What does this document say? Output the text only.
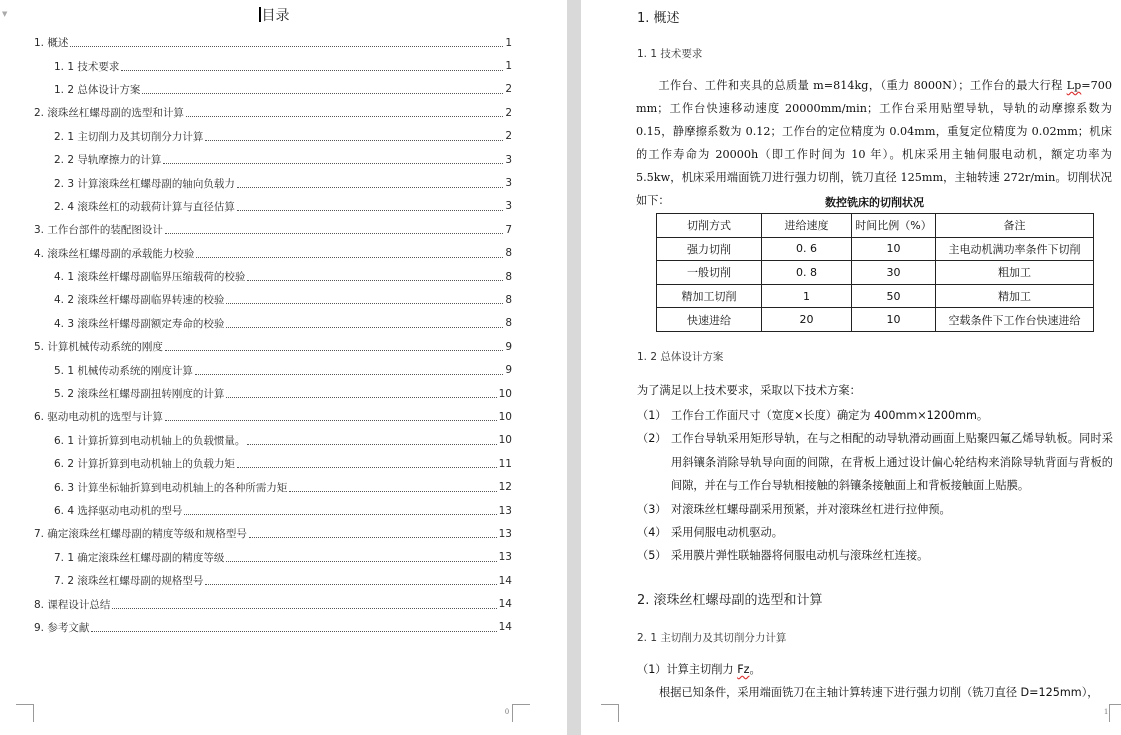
▼	目录
1. 概述	1
1. 1 技术要求	1
1. 2 总体设计方案	2
2. 滚珠丝杠螺母副的选型和计算	2
2. 1 主切削力及其切削分力计算	2
2. 2 导轨摩擦力的计算	3
2. 3 计算滚珠丝杠螺母副的轴向负载力	3
2. 4 滚珠丝杠的动载荷计算与直径估算	3
3. 工作台部件的装配图设计	7
4. 滚珠丝杠螺母副的承载能力校验	8
4. 1 滚珠丝杆螺母副临界压缩载荷的校验	8
4. 2 滚珠丝杆螺母副临界转速的校验	8
4. 3 滚珠丝杆螺母副额定寿命的校验	8
5. 计算机械传动系统的刚度	9
5. 1 机械传动系统的刚度计算	9
5. 2 滚珠丝杠螺母副扭转刚度的计算	10
6. 驱动电动机的选型与计算	10
6. 1 计算折算到电动机轴上的负载惯量。	10
6. 2 计算折算到电动机轴上的负载力矩	11
6. 3 计算坐标轴折算到电动机轴上的各种所需力矩	12
6. 4 选择驱动电动机的型号	13
7. 确定滚珠丝杠螺母副的精度等级和规格型号	13
7. 1 确定滚珠丝杠螺母副的精度等级	13
7. 2 滚珠丝杠螺母副的规格型号	14
8. 课程设计总结	14
9. 参考文献	14
0
1. 概述
1. 1 技术要求
工作台、工件和夹具的总质量 m=814kg，（重力 8000N）；工作台的最大行程 Lp=700 mm；工作台快速移动速度 20000mm/min；工作台采用贴塑导轨，导轨的动摩擦系数为 0.15，静摩擦系数为 0.12；工作台的定位精度为 0.04mm，重复定位精度为 0.02mm；机床的工作寿命为 20000h（即工作时间为 10 年）。机床采用主轴伺服电动机，额定功率为 5.5kw，机床采用端面铣刀进行强力切削，铣刀直径 125mm，主轴转速 272r/min。切削状况如下：	数控铣床的切削状况
切削方式	进给速度	时间比例（%）	备注
强力切削	0. 6	10	主电动机满功率条件下切削
一般切削	0. 8	30	粗加工
精加工切削	1	50	精加工
快速进给	20	10	空载条件下工作台快速进给
1. 2 总体设计方案
为了满足以上技术要求，采取以下技术方案：
（1） 工作台工作面尺寸（宽度×长度）确定为 400mm×1200mm。
（2） 工作台导轨采用矩形导轨，在与之相配的动导轨滑动画面上贴聚四氟乙烯导轨板。同时采用斜镶条消除导轨导向面的间隙，在背板上通过设计偏心轮结构来消除导轨背面与背板的间隙，并在与工作台导轨相接触的斜镶条接触面上和背板接触面上贴膜。
（3） 对滚珠丝杠螺母副采用预紧，并对滚珠丝杠进行拉伸预。
（4） 采用伺服电动机驱动。
（5） 采用膜片弹性联轴器将伺服电动机与滚珠丝杠连接。
2. 滚珠丝杠螺母副的选型和计算
2. 1 主切削力及其切削分力计算
（1）计算主切削力 Fz。
根据已知条件，采用端面铣刀在主轴计算转速下进行强力切削（铣刀直径 D=125mm），
1
